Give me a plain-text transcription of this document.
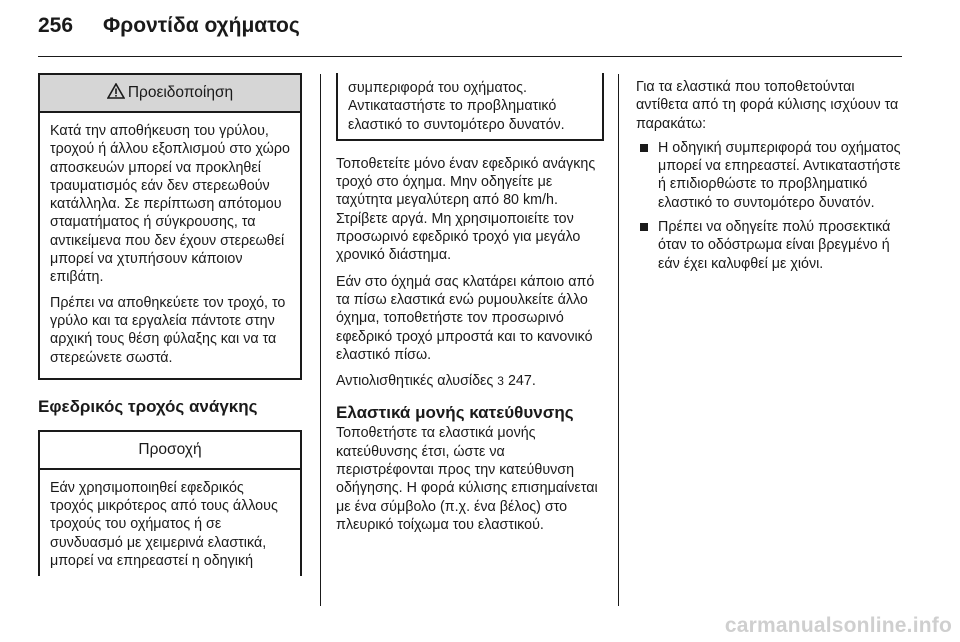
256 Φροντίδα οχήματος
Προειδοποίηση

Κατά την αποθήκευση του γρύλου, τροχού ή άλλου εξοπλισμού στο χώρο αποσκευών μπορεί να προκληθεί τραυματισμός εάν δεν στερεωθούν κατάλληλα. Σε περίπτωση απότομου σταματήματος ή σύγκρουσης, τα αντικείμενα που δεν έχουν στερεωθεί μπορεί να χτυπήσουν κάποιον επιβάτη.

Πρέπει να αποθηκεύετε τον τροχό, το γρύλο και τα εργαλεία πάντοτε στην αρχική τους θέση φύλαξης και να τα στερεώνετε σωστά.

Εφεδρικός τροχός ανάγκης
Προσοχή

Εάν χρησιμοποιηθεί εφεδρικός τροχός μικρότερος από τους άλλους τροχούς του οχήματος ή σε συνδυασμό με χειμερινά ελαστικά, μπορεί να επηρεαστεί η οδηγική

συμπεριφορά του οχήματος. Αντικαταστήστε το προβληματικό ελαστικό το συντομότερο δυνατόν.

Τοποθετείτε μόνο έναν εφεδρικό ανάγκης τροχό στο όχημα. Μην οδηγείτε με ταχύτητα μεγαλύτερη από 80 km/h. Στρίβετε αργά. Μη χρησιμοποιείτε τον προσωρινό εφεδρικό τροχό για μεγάλο χρονικό διάστημα.

Εάν στο όχημά σας κλατάρει κάποιο από τα πίσω ελαστικά ενώ ρυμουλκείτε άλλο όχημα, τοποθετήστε τον προσωρινό εφεδρικό τροχό μπροστά και το κανονικό ελαστικό πίσω.

Αντιολισθητικές αλυσίδες 3 247.

Ελαστικά μονής κατεύθυνσης

Τοποθετήστε τα ελαστικά μονής κατεύθυνσης έτσι, ώστε να περιστρέφονται προς την κατεύθυνση οδήγησης. Η φορά κύλισης επισημαίνεται με ένα σύμβολο (π.χ. ένα βέλος) στο πλευρικό τοίχωμα του ελαστικού.

Για τα ελαστικά που τοποθετούνται αντίθετα από τη φορά κύλισης ισχύουν τα παρακάτω:

Η οδηγική συμπεριφορά του οχήματος μπορεί να επηρεαστεί. Αντικαταστήστε ή επιδιορθώστε το προβληματικό ελαστικό το συντομότερο δυνατόν.
Πρέπει να οδηγείτε πολύ προσεκτικά όταν το οδόστρωμα είναι βρεγμένο ή εάν έχει καλυφθεί με χιόνι.
carmanualsonline.info
